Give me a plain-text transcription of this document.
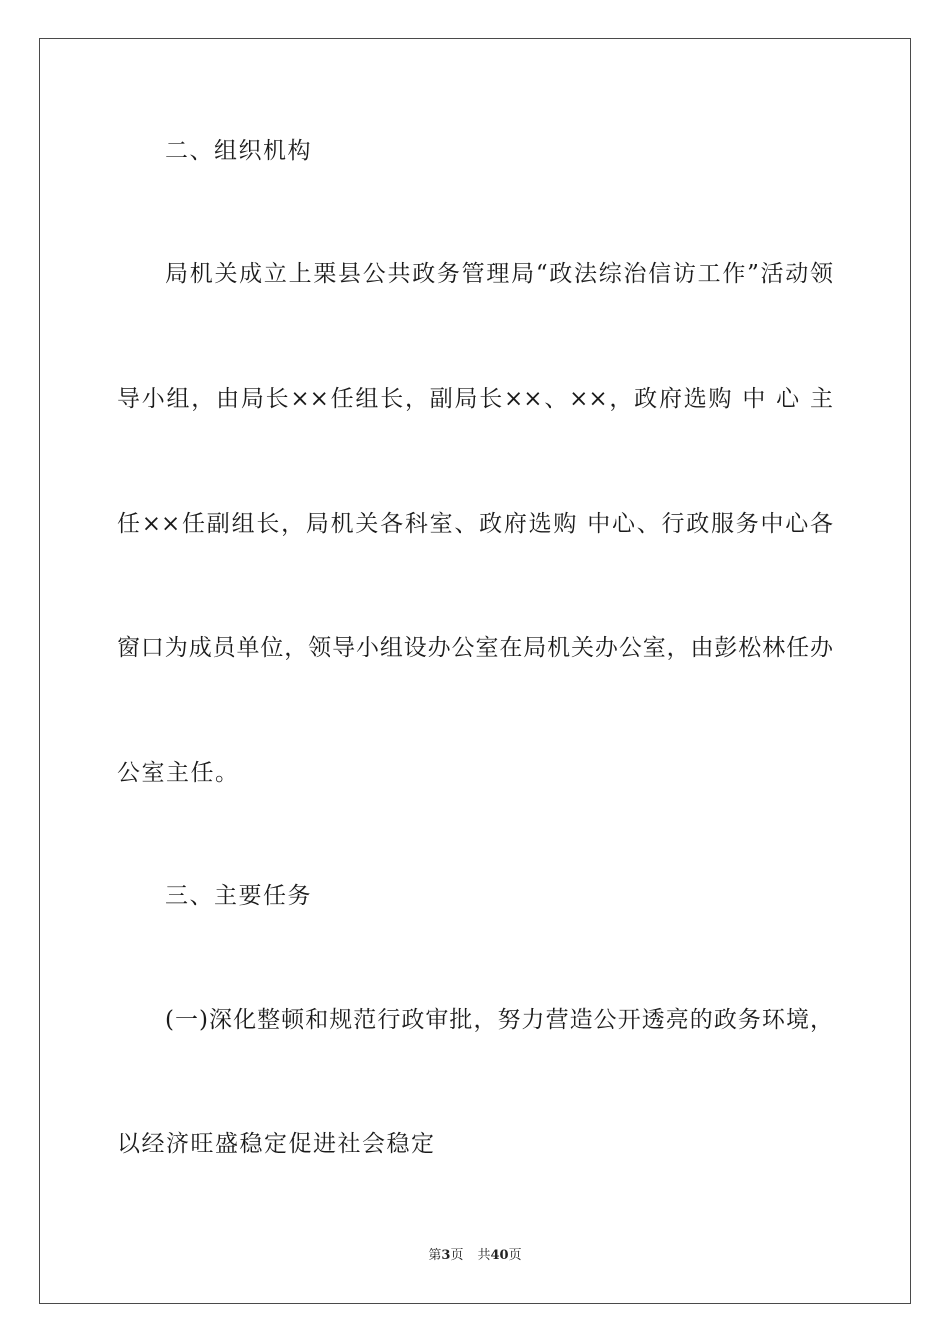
二、组织机构
局机关成立上栗县公共政务管理局“政法综治信访工作”活动领
导小组，由局长××任组长，副局长××、××，政府选购 中 心 主
任××任副组长，局机关各科室、政府选购 中心、行政服务中心各
窗口为成员单位，领导小组设办公室在局机关办公室，由彭松林任办
公室主任。
三、主要任务
(一)深化整顿和规范行政审批，努力营造公开透亮的政务环境，
以经济旺盛稳定促进社会稳定
第3页 共40页
